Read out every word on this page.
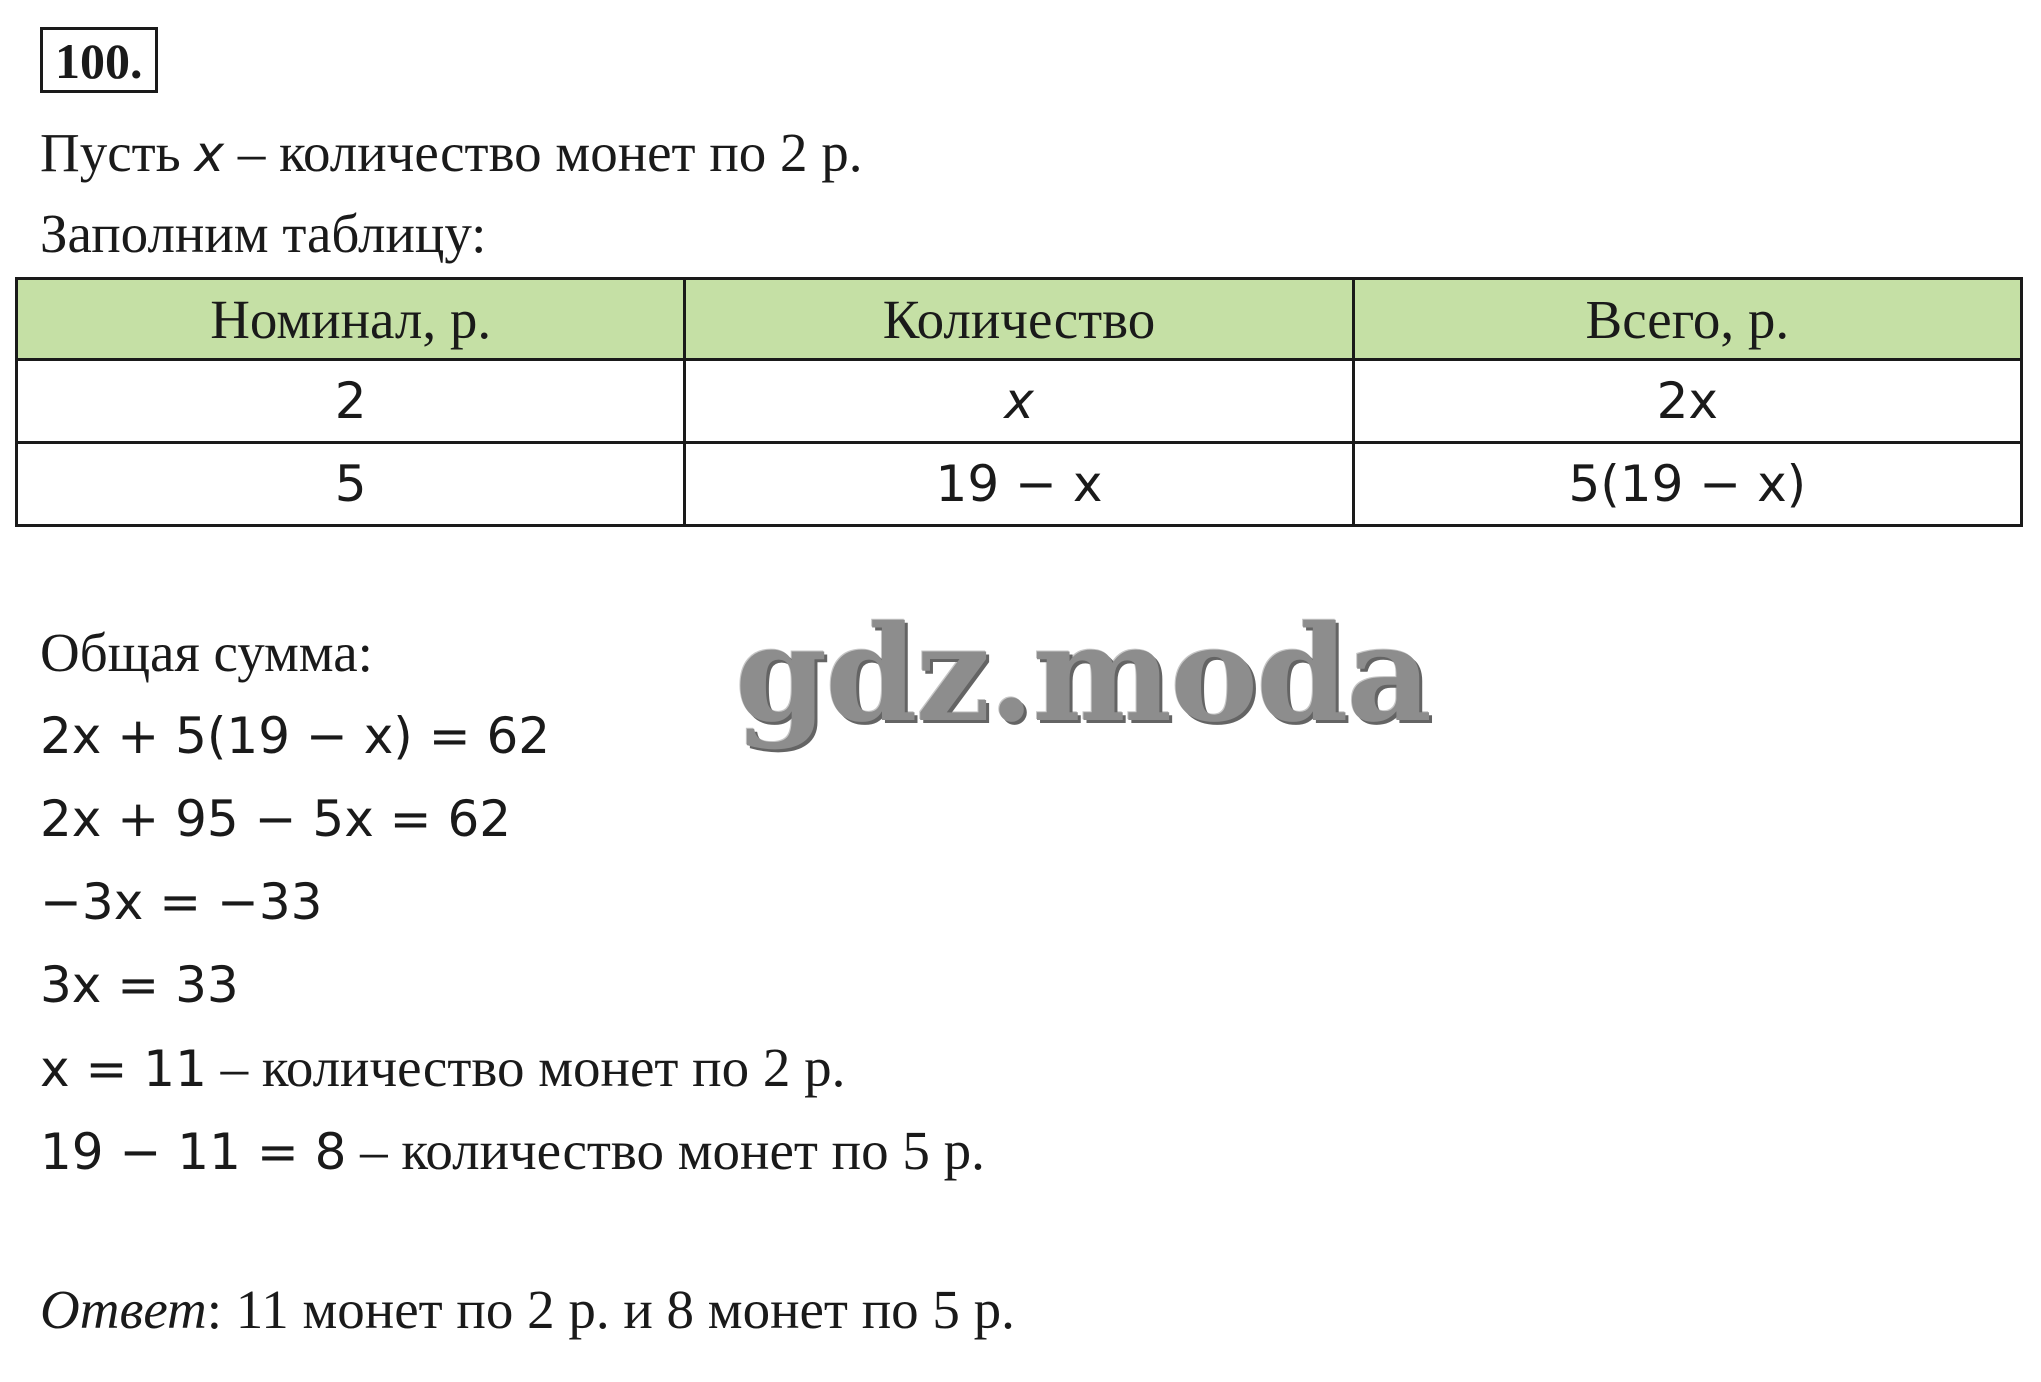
100.
Пусть x – количество монет по 2 р.
Заполним таблицу:
Номинал, р.	Количество	Всего, р.
2	x	2x
5	19 − x	5(19 − x)
Общая сумма:
2x + 5(19 − x) = 62
2x + 95 − 5x = 62
−3x = −33
3x = 33
x = 11 – количество монет по 2 р.
19 − 11 = 8 – количество монет по 5 р.
Ответ: 11 монет по 2 р. и 8 монет по 5 р.
gdz.moda
